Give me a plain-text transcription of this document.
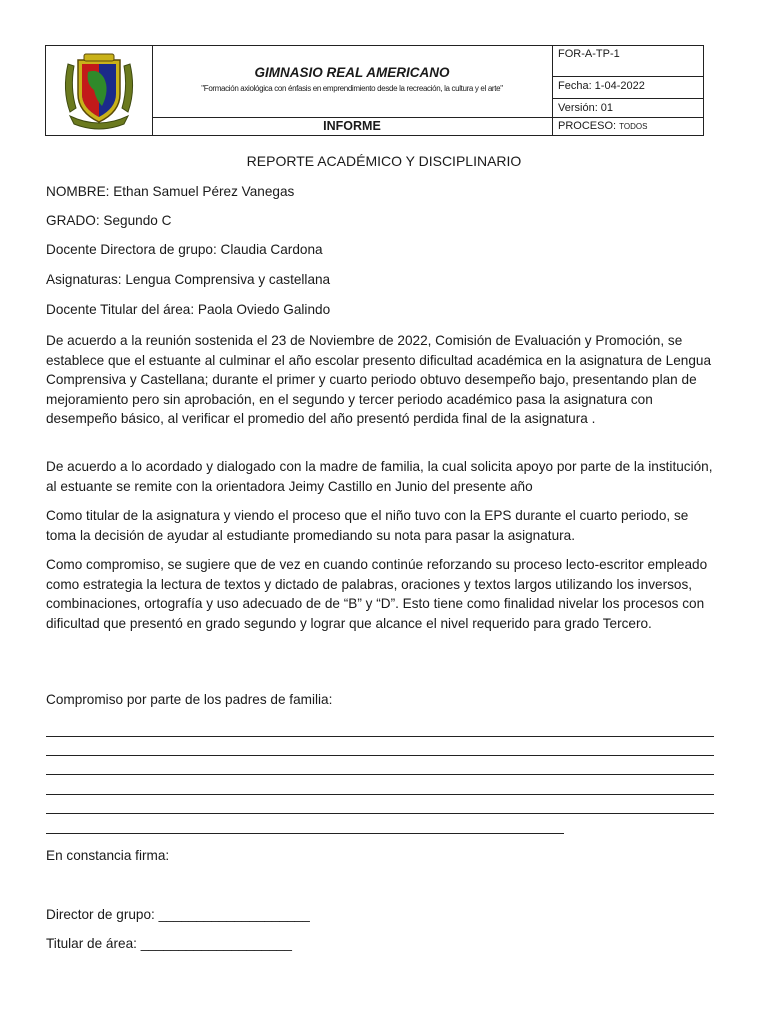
GIMNASIO REAL AMERICANO
"Formación axiológica con énfasis en emprendimiento desde la recreación, la cultura y el arte"
INFORME
FOR-A-TP-1
Fecha: 1-04-2022
Versión: 01
PROCESO: TODOS
REPORTE ACADÉMICO Y DISCIPLINARIO
NOMBRE: Ethan Samuel Pérez Vanegas
GRADO: Segundo C
Docente Directora de grupo: Claudia Cardona
Asignaturas: Lengua Comprensiva y castellana
Docente Titular del área: Paola Oviedo Galindo
De acuerdo a la reunión sostenida el 23 de Noviembre de 2022, Comisión de Evaluación y Promoción, se establece que el estuante al culminar el año escolar presento dificultad académica en la asignatura de Lengua Comprensiva y Castellana; durante el primer y cuarto periodo obtuvo desempeño bajo, presentando plan de mejoramiento pero sin aprobación, en el segundo y tercer periodo académico pasa la asignatura con desempeño básico, al verificar el promedio del año presentó perdida final de la asignatura .
De acuerdo a lo acordado y dialogado con la madre de familia, la cual solicita apoyo por parte de la institución, al estuante se remite con la orientadora Jeimy Castillo en Junio del presente año
Como titular de la asignatura y viendo el proceso que el niño tuvo con la EPS durante el cuarto periodo, se toma la decisión de ayudar al estudiante promediando su nota para pasar la asignatura.
Como compromiso, se sugiere que de vez en cuando continúe reforzando su proceso lecto-escritor empleado como estrategia la lectura de textos y dictado de palabras, oraciones y textos largos utilizando los inversos, combinaciones, ortografía y uso adecuado de de “B” y “D”. Esto tiene como finalidad nivelar los procesos con dificultad que presentó en grado segundo y lograr que alcance el nivel requerido para grado Tercero.
Compromiso por parte de los padres de familia:
En constancia firma:
Director de grupo: ____________________
Titular de área: ____________________
